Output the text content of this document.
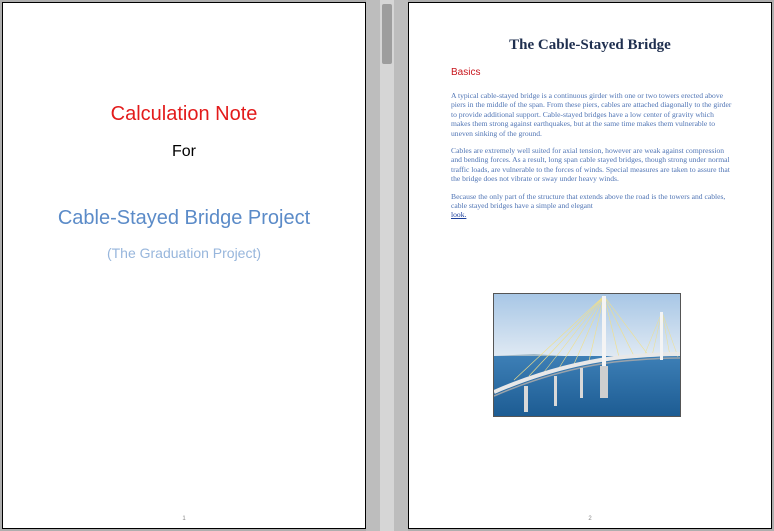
Calculation Note
For
Cable-Stayed Bridge Project
(The Graduation Project)
1
The Cable-Stayed Bridge
Basics

A typical cable-stayed bridge is a continuous girder with one or two towers erected above piers in the middle of the span. From these piers, cables are attached diagonally to the girder to provide additional support. Cable-stayed bridges have a low center of gravity which makes them strong against earthquakes, but at the same time makes them vulnerable to uneven sinking of the ground.

Cables are extremely well suited for axial tension, however are weak against compression and bending forces. As a result, long span cable stayed bridges, though strong under normal traffic loads, are vulnerable to the forces of winds. Special measures are taken to assure that the bridge does not vibrate or sway under heavy winds.

Because the only part of the structure that extends above the road is the towers and cables, cable stayed bridges have a simple and elegant
look.

2
